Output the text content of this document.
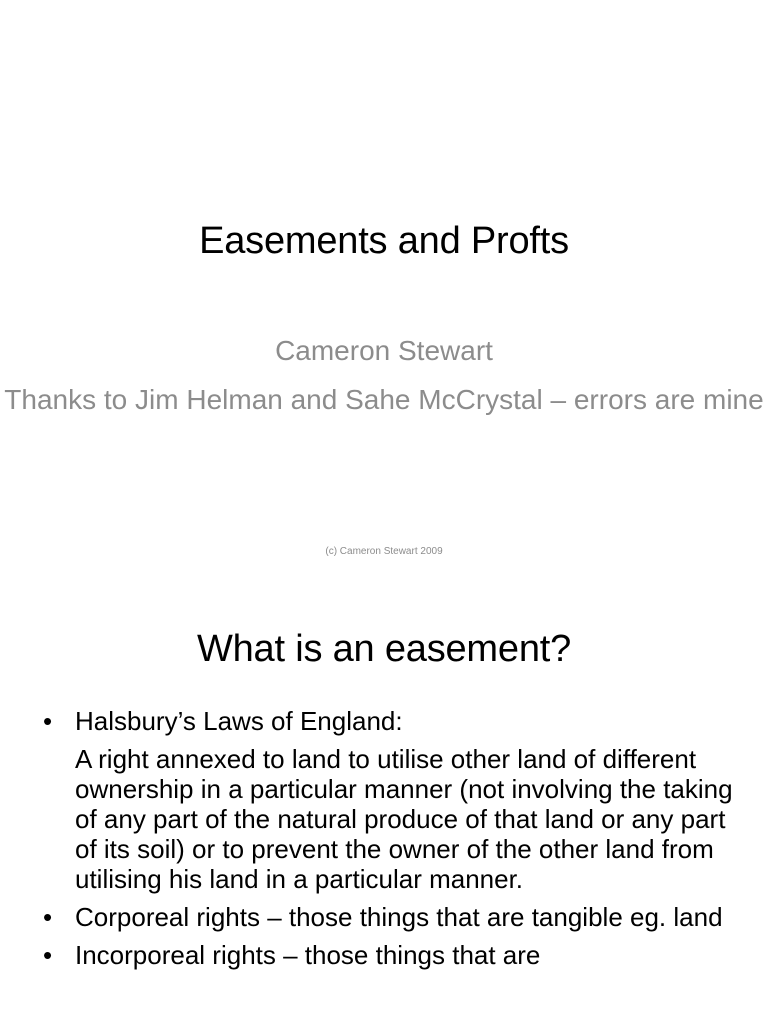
Easements and Profts
Cameron Stewart
Thanks to Jim Helman and Sahe McCrystal – errors are mine
(c) Cameron Stewart 2009
What is an easement?
• Halsbury’s Laws of England:
A right annexed to land to utilise other land of different ownership in a particular manner (not involving the taking of any part of the natural produce of that land or any part of its soil) or to prevent the owner of the other land from utilising his land in a particular manner.
• Corporeal rights – those things that are tangible eg. land
• Incorporeal rights – those things that are
